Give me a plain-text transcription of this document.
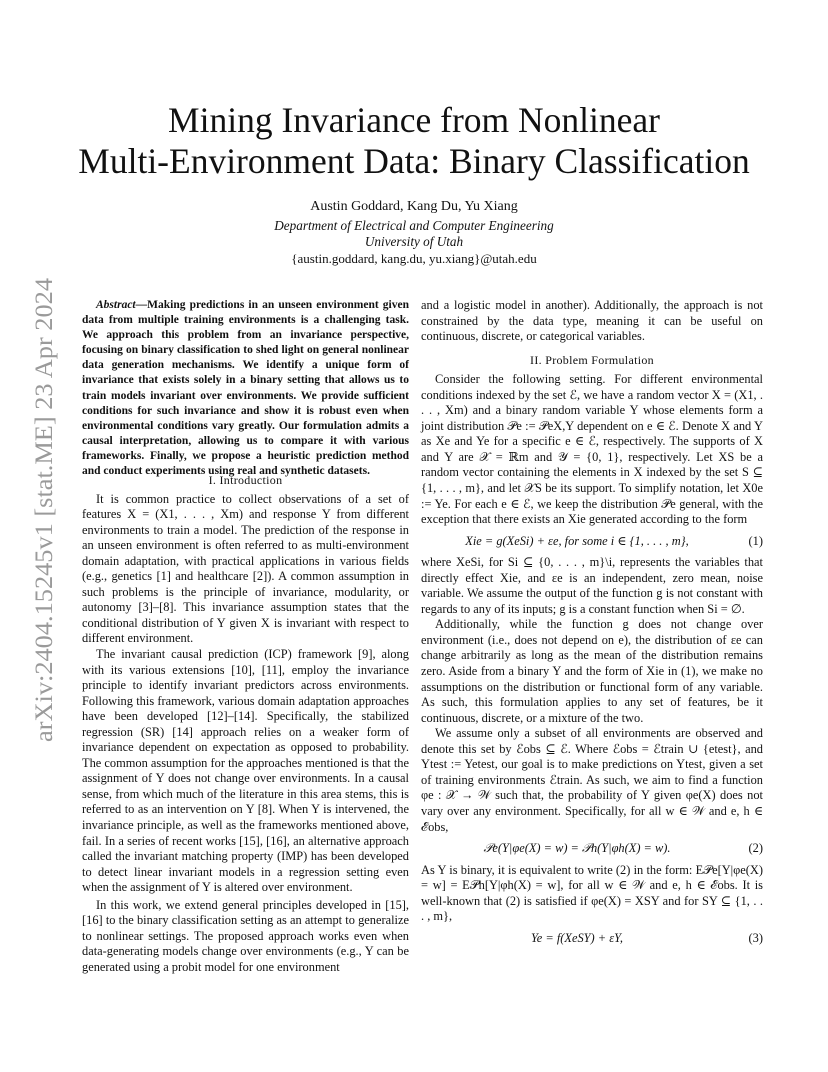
arXiv:2404.15245v1 [stat.ME] 23 Apr 2024
Mining Invariance from Nonlinear
Multi-Environment Data: Binary Classification
Austin Goddard, Kang Du, Yu Xiang
Department of Electrical and Computer Engineering
University of Utah
{austin.goddard, kang.du, yu.xiang}@utah.edu

Abstract—Making predictions in an unseen environment given data from multiple training environments is a challenging task. We approach this problem from an invariance perspective, focusing on binary classification to shed light on general nonlinear data generation mechanisms. We identify a unique form of invariance that exists solely in a binary setting that allows us to train models invariant over environments. We provide sufficient conditions for such invariance and show it is robust even when environmental conditions vary greatly. Our formulation admits a causal interpretation, allowing us to compare it with various frameworks. Finally, we propose a heuristic prediction method and conduct experiments using real and synthetic datasets.

I. Introduction

It is common practice to collect observations of a set of features X = (X1, . . . , Xm) and response Y from different environments to train a model. The prediction of the response in an unseen environment is often referred to as multi-environment domain adaptation, with practical applications in various fields (e.g., genetics [1] and healthcare [2]). A common assumption in such problems is the principle of invariance, modularity, or autonomy [3]–[8]. This invariance assumption states that the conditional distribution of Y given X is invariant with respect to different environment.

The invariant causal prediction (ICP) framework [9], along with its various extensions [10], [11], employ the invariance principle to identify invariant predictors across environments. Following this framework, various domain adaptation approaches have been developed [12]–[14]. Specifically, the stabilized regression (SR) [14] approach relies on a weaker form of invariance dependent on expectation as opposed to probability. The common assumption for the approaches mentioned is that the assignment of Y does not change over environments. In a causal sense, from which much of the literature in this area stems, this is referred to as an intervention on Y [8]. When Y is intervened, the invariance principle, as well as the frameworks mentioned above, fail. In a series of recent works [15], [16], an alternative approach called the invariant matching property (IMP) has been developed to detect linear invariant models in a regression setting even when the assignment of Y is altered over environment.

In this work, we extend general principles developed in [15], [16] to the binary classification setting as an attempt to generalize to nonlinear settings. The proposed approach works even when data-generating models change over environments (e.g., Y can be generated using a probit model for one environment

and a logistic model in another). Additionally, the approach is not constrained by the data type, meaning it can be useful on continuous, discrete, or categorical variables.

II. Problem Formulation

Consider the following setting. For different environmental conditions indexed by the set ℰ, we have a random vector X = (X1, . . . , Xm) and a binary random variable Y whose elements form a joint distribution 𝒫e := 𝒫eX,Y dependent on e ∈ ℰ. Denote X and Y as Xe and Ye for a specific e ∈ ℰ, respectively. The supports of X and Y are 𝒳 = ℝm and 𝒴 = {0, 1}, respectively. Let XS be a random vector containing the elements in X indexed by the set S ⊆ {1, . . . , m}, and let 𝒳S be its support. To simplify notation, let X0e := Ye. For each e ∈ ℰ, we keep the distribution 𝒫e general, with the exception that there exists an Xie generated according to the form

Xie = g(XeSi) + εe, for some i ∈ {1, . . . , m},	(1)

where XeSi, for Si ⊆ {0, . . . , m}\i, represents the variables that directly effect Xie, and εe is an independent, zero mean, noise variable. We assume the output of the function g is not constant with regards to any of its inputs; g is a constant function when Si = ∅.

Additionally, while the function g does not change over environment (i.e., does not depend on e), the distribution of εe can change arbitrarily as long as the mean of the distribution remains zero. Aside from a binary Y and the form of Xie in (1), we make no assumptions on the distribution or functional form of any variable. As such, this formulation applies to any set of features, be it continuous, discrete, or a mixture of the two.

We assume only a subset of all environments are observed and denote this set by ℰobs ⊆ ℰ. Where ℰobs = ℰtrain ∪ {etest}, and Ytest := Yetest, our goal is to make predictions on Ytest, given a set of training environments ℰtrain. As such, we aim to find a function φe : 𝒳 → 𝒲 such that, the probability of Y given φe(X) does not vary over any environment. Specifically, for all w ∈ 𝒲 and e, h ∈ ℰobs,

𝒫e(Y|φe(X) = w) = 𝒫h(Y|φh(X) = w).	(2)

As Y is binary, it is equivalent to write (2) in the form: E𝒫e[Y|φe(X) = w] = E𝒫h[Y|φh(X) = w], for all w ∈ 𝒲 and e, h ∈ ℰobs. It is well-known that (2) is satisfied if φe(X) = XSY and for SY ⊆ {1, . . . , m},

Ye = f(XeSY) + εY,	(3)
